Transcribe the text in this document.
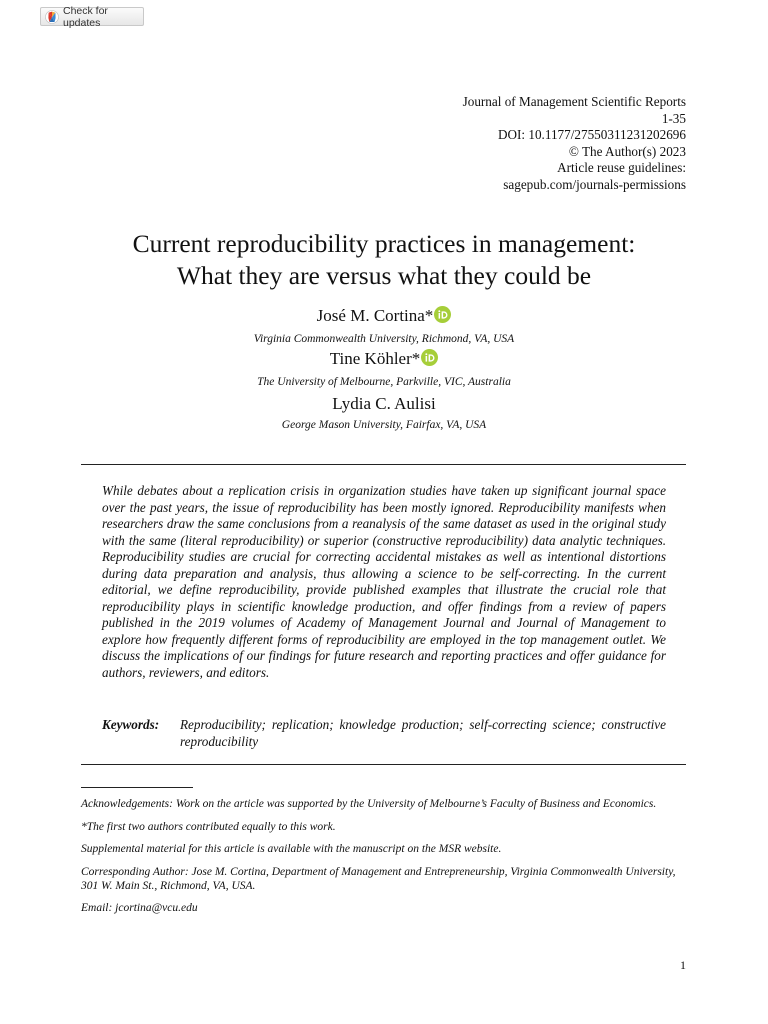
Check for updates
Journal of Management Scientific Reports
1-35
DOI: 10.1177/27550311231202696
© The Author(s) 2023
Article reuse guidelines:
sagepub.com/journals-permissions
Current reproducibility practices in management:
What they are versus what they could be
José M. Cortina*
Virginia Commonwealth University, Richmond, VA, USA
Tine Köhler*
The University of Melbourne, Parkville, VIC, Australia
Lydia C. Aulisi
George Mason University, Fairfax, VA, USA

While debates about a replication crisis in organization studies have taken up significant journal space over the past years, the issue of reproducibility has been mostly ignored. Reproducibility manifests when researchers draw the same conclusions from a reanalysis of the same dataset as used in the original study with the same (literal reproducibility) or superior (constructive reproducibility) data analytic techniques. Reproducibility studies are crucial for correcting accidental mistakes as well as intentional distortions during data preparation and analysis, thus allowing a science to be self-correcting. In the current editorial, we define reproducibility, provide published examples that illustrate the crucial role that reproducibility plays in scientific knowledge production, and offer findings from a review of papers published in the 2019 volumes of Academy of Management Journal and Journal of Management to explore how frequently different forms of reproducibility are employed in the top management outlet. We discuss the implications of our findings for future research and reporting practices and offer guidance for authors, reviewers, and editors.

Keywords:	Reproducibility; replication; knowledge production; self-correcting science; constructive reproducibility

Acknowledgements: Work on the article was supported by the University of Melbourne’s Faculty of Business and Economics.

*The first two authors contributed equally to this work.

Supplemental material for this article is available with the manuscript on the MSR website.

Corresponding Author: Jose M. Cortina, Department of Management and Entrepreneurship, Virginia Commonwealth University, 301 W. Main St., Richmond, VA, USA.

Email: jcortina@vcu.edu

1
